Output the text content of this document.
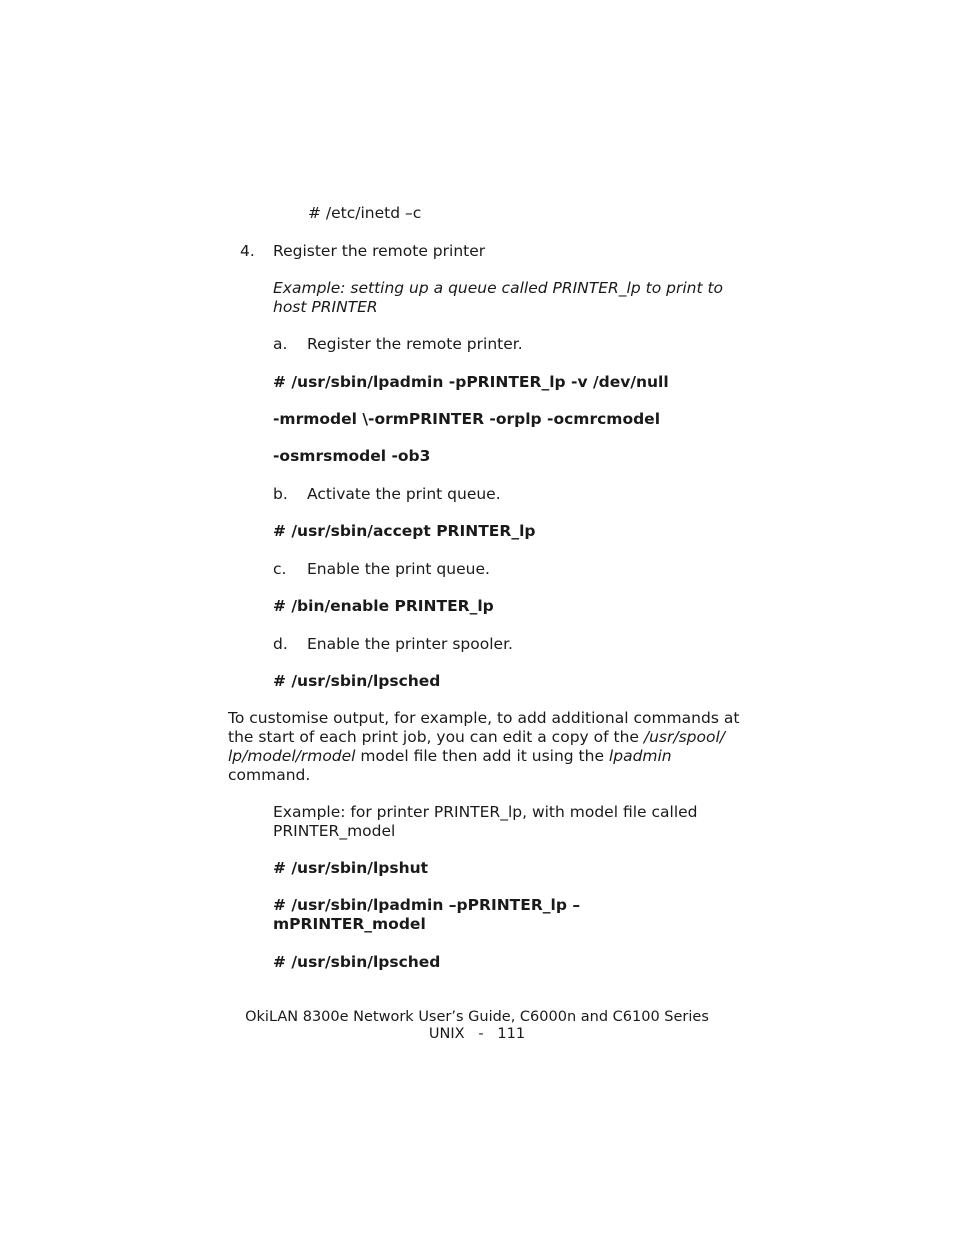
# /etc/inetd –c

4. Register the remote printer

Example: setting up a queue called PRINTER_lp to print to

host PRINTER

a. Register the remote printer.

# /usr/sbin/lpadmin -pPRINTER_lp -v /dev/null

-mrmodel \-ormPRINTER -orplp -ocmrcmodel

-osmrsmodel -ob3

b. Activate the print queue.

# /usr/sbin/accept PRINTER_lp

c. Enable the print queue.

# /bin/enable PRINTER_lp

d. Enable the printer spooler.

# /usr/sbin/lpsched

To customise output, for example, to add additional commands at

the start of each print job, you can edit a copy of the /usr/spool/

lp/model/rmodel model file then add it using the lpadmin

command.

Example: for printer PRINTER_lp, with model file called

PRINTER_model

# /usr/sbin/lpshut

# /usr/sbin/lpadmin –pPRINTER_lp –

mPRINTER_model

# /usr/sbin/lpsched

OkiLAN 8300e Network User’s Guide, C6000n and C6100 Series
UNIX   -   111
